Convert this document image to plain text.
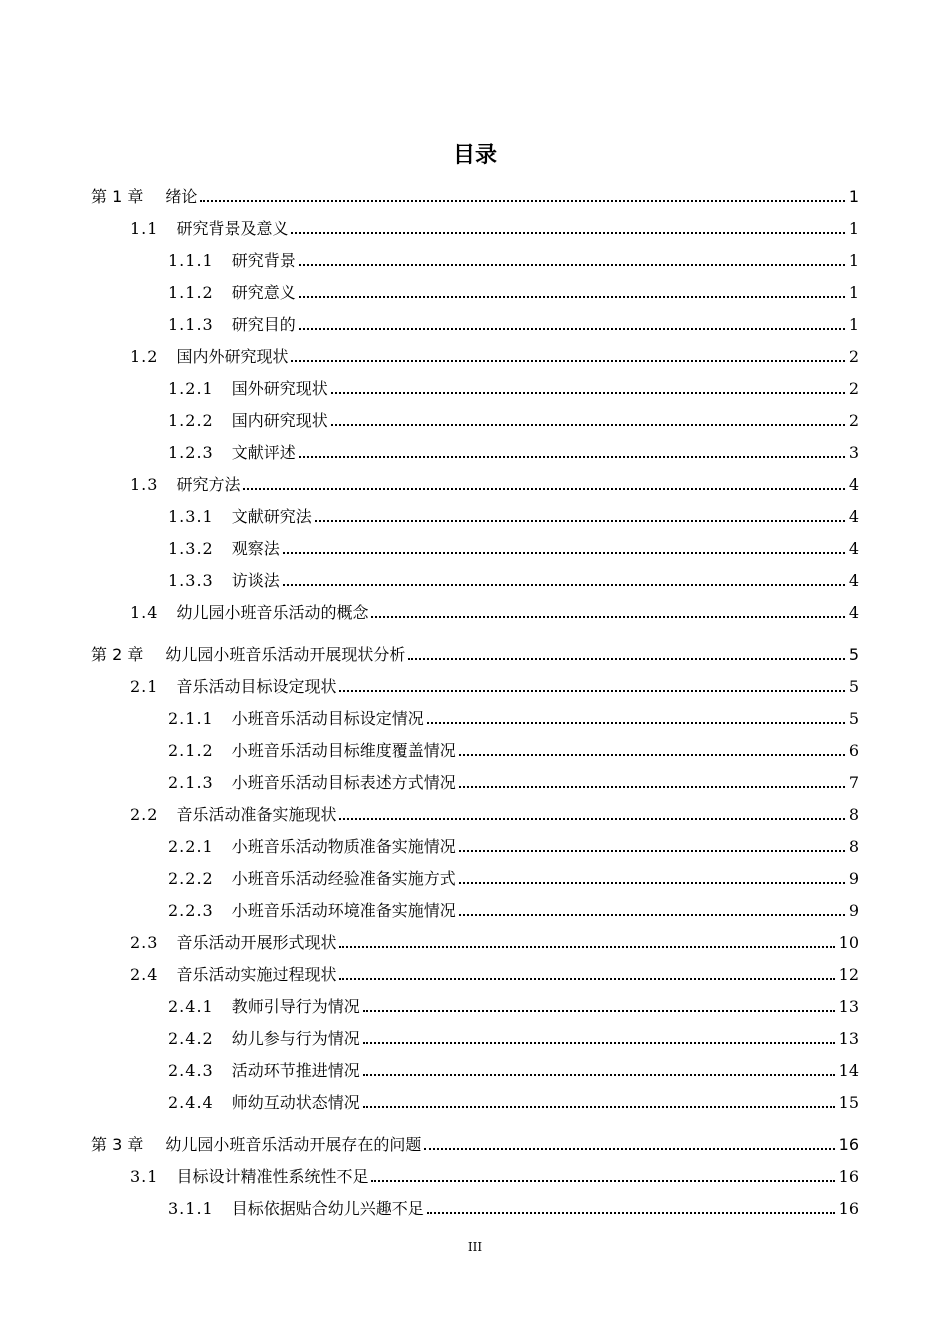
目录
第 1 章 绪论	1
1.1 研究背景及意义	1
1.1.1 研究背景	1
1.1.2 研究意义	1
1.1.3 研究目的	1
1.2 国内外研究现状	2
1.2.1 国外研究现状	2
1.2.2 国内研究现状	2
1.2.3 文献评述	3
1.3 研究方法	4
1.3.1 文献研究法	4
1.3.2 观察法	4
1.3.3 访谈法	4
1.4 幼儿园小班音乐活动的概念	4
第 2 章 幼儿园小班音乐活动开展现状分析	5
2.1 音乐活动目标设定现状	5
2.1.1 小班音乐活动目标设定情况	5
2.1.2 小班音乐活动目标维度覆盖情况	6
2.1.3 小班音乐活动目标表述方式情况	7
2.2 音乐活动准备实施现状	8
2.2.1 小班音乐活动物质准备实施情况	8
2.2.2 小班音乐活动经验准备实施方式	9
2.2.3 小班音乐活动环境准备实施情况	9
2.3 音乐活动开展形式现状	10
2.4 音乐活动实施过程现状	12
2.4.1 教师引导行为情况	13
2.4.2 幼儿参与行为情况	13
2.4.3 活动环节推进情况	14
2.4.4 师幼互动状态情况	15
第 3 章 幼儿园小班音乐活动开展存在的问题	16
3.1 目标设计精准性系统性不足	16
3.1.1 目标依据贴合幼儿兴趣不足	16
III
